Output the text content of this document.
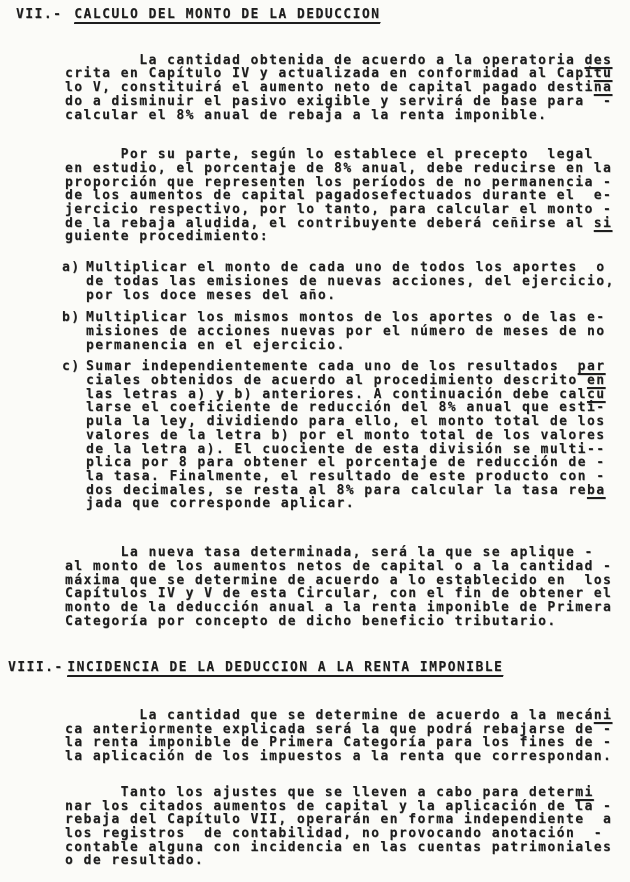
VII.- CALCULO DEL MONTO DE LA DEDUCCION
La cantidad obtenida de acuerdo a la operatoria des
crita en Capítulo IV y actualizada en conformidad al Capítu
lo V, constituirá el aumento neto de capital pagado destina
do a disminuir el pasivo exigible y servirá de base para  -
calcular el 8% anual de rebaja a la renta imponible.
Por su parte, según lo establece el precepto  legal
en estudio, el porcentaje de 8% anual, debe reducirse en la
proporción que representen los períodos de no permanencia -
de los aumentos de capital pagadosefectuados durante el  e-
jercicio respectivo, por lo tanto, para calcular el monto -
de la rebaja aludida, el contribuyente deberá ceñirse al si
guiente procedimiento:
a) Multiplicar el monto de cada uno de todos los aportes  o
de todas las emisiones de nuevas acciones, del ejercicio,
por los doce meses del año.
b) Multiplicar los mismos montos de los aportes o de las e-
misiones de acciones nuevas por el número de meses de no
permanencia en el ejercicio.
c) Sumar independientemente cada uno de los resultados  par
ciales obtenidos de acuerdo al procedimiento descrito en
las letras a) y b) anteriores. A continuación debe calcu
larse el coeficiente de reducción del 8% anual que esti-
pula la ley, dividiendo para ello, el monto total de los
valores de la letra b) por el monto total de los valores
de la letra a). El cuociente de esta división se multi--
plica por 8 para obtener el porcentaje de reducción de -
la tasa. Finalmente, el resultado de este producto con -
dos decimales, se resta al 8% para calcular la tasa reba
jada que corresponde aplicar.
La nueva tasa determinada, será la que se aplique -
al monto de los aumentos netos de capital o a la cantidad -
máxima que se determine de acuerdo a lo establecido en  los
Capítulos IV y V de esta Circular, con el fin de obtener el
monto de la deducción anual a la renta imponible de Primera
Categoría por concepto de dicho beneficio tributario.
VIII.- INCIDENCIA DE LA DEDUCCION A LA RENTA IMPONIBLE
La cantidad que se determine de acuerdo a la mecáni
ca anteriormente explicada será la que podrá rebajarse de -
la renta imponible de Primera Categoría para los fines de -
la aplicación de los impuestos a la renta que correspondan.
Tanto los ajustes que se lleven a cabo para determi
nar los citados aumentos de capital y la aplicación de la -
rebaja del Capítulo VII, operarán en forma independiente  a
los registros  de contabilidad, no provocando anotación  -
contable alguna con incidencia en las cuentas patrimoniales
o de resultado.
